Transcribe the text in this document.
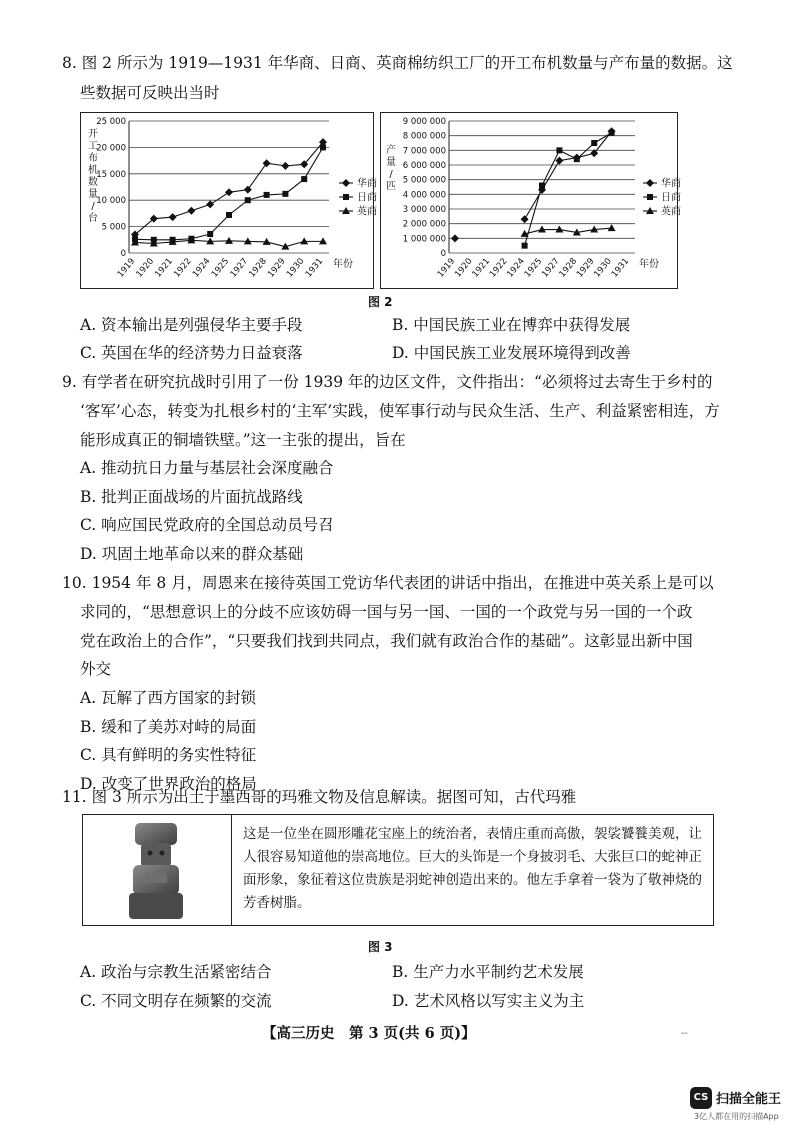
8. 图 2 所示为 1919—1931 年华商、日商、英商棉纺织工厂的开工布机数量与产布量的数据。这
些数据可反映出当时
0
5 000
10 000
15 000
20 000
25 000
1919
1920
1921
1922
1924
1925
1927
1928
1929
1930
1931 年份
开
工
布
机
数
量
/
台
华商
日商
英商
0
1 000 000
2 000 000
3 000 000
4 000 000
5 000 000
6 000 000
7 000 000
8 000 000
9 000 000
1919
1920
1921
1922
1924
1925
1927
1928
1929
1930
1931 年份
产
量
/
匹	华商
日商
英商
图 2
A. 资本输出是列强侵华主要手段	B. 中国民族工业在博弈中获得发展
C. 英国在华的经济势力日益衰落	D. 中国民族工业发展环境得到改善
9. 有学者在研究抗战时引用了一份 1939 年的边区文件，文件指出：“必须将过去寄生于乡村的
‘客军’心态，转变为扎根乡村的‘主军’实践，使军事行动与民众生活、生产、利益紧密相连，方
能形成真正的铜墙铁壁。”这一主张的提出，旨在
A. 推动抗日力量与基层社会深度融合
B. 批判正面战场的片面抗战路线
C. 响应国民党政府的全国总动员号召
D. 巩固土地革命以来的群众基础
10. 1954 年 8 月，周恩来在接待英国工党访华代表团的讲话中指出，在推进中英关系上是可以
求同的，“思想意识上的分歧不应该妨碍一国与另一国、一国的一个政党与另一国的一个政
党在政治上的合作”，“只要我们找到共同点，我们就有政治合作的基础”。这彰显出新中国
外交
A. 瓦解了西方国家的封锁
B. 缓和了美苏对峙的局面
C. 具有鲜明的务实性特征
D. 改变了世界政治的格局
11. 图 3 所示为出土于墨西哥的玛雅文物及信息解读。据图可知，古代玛雅
这是一位坐在圆形雕花宝座上的统治者，表情庄重而高傲，袈裟饕餮美观，让人很容易知道他的崇高地位。巨大的头饰是一个身披羽毛、大张巨口的蛇神正面形象，象征着这位贵族是羽蛇神创造出来的。他左手拿着一袋为了敬神烧的芳香树脂。
图 3
A. 政治与宗教生活紧密结合	B. 生产力水平制约艺术发展
C. 不同文明存在频繁的交流	D. 艺术风格以写实主义为主
【高三历史　第 3 页(共 6 页)】	--
CS 扫描全能王
3亿人都在用的扫描App
